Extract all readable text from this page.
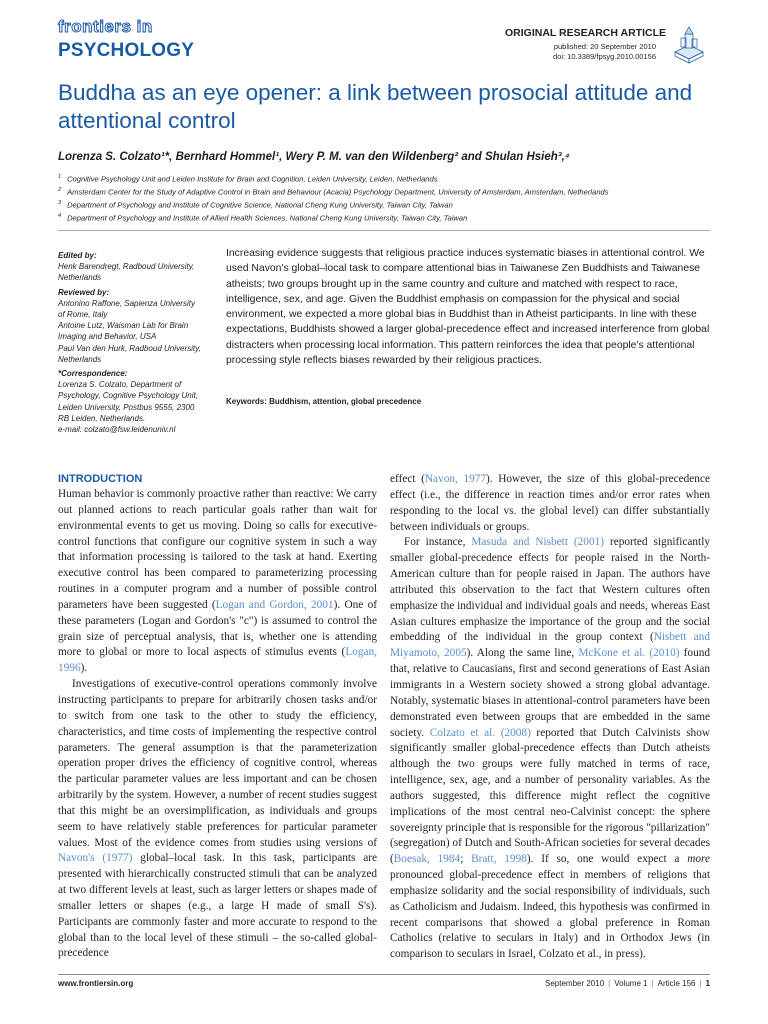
frontiers in
PSYCHOLOGY
ORIGINAL RESEARCH ARTICLE
published: 20 September 2010
doi: 10.3389/fpsyg.2010.00156
Buddha as an eye opener: a link between prosocial attitude and attentional control
Lorenza S. Colzato¹*, Bernhard Hommel¹, Wery P. M. van den Wildenberg² and Shulan Hsieh³,⁴
$^1$ Cognitive Psychology Unit and Leiden Institute for Brain and Cognition, Leiden University, Leiden, Netherlands
$^2$ Amsterdam Center for the Study of Adaptive Control in Brain and Behaviour (Acacia) Psychology Department, University of Amsterdam, Amsterdam, Netherlands
$^3$ Department of Psychology and Institute of Cognitive Science, National Cheng Kung University, Taiwan City, Taiwan
$^4$ Department of Psychology and Institute of Allied Health Sciences, National Cheng Kung University, Taiwan City, Taiwan
Edited by:
Henk Barendregt, Radboud University,
Netherlands
Reviewed by:
Antonino Raffone, Sapienza University
of Rome, Italy
Antoine Lutz, Waisman Lab for Brain
Imaging and Behavior, USA
Paul Van den Hurk, Radboud University,
Netherlands
*Correspondence:
Lorenza S. Colzato, Department of
Psychology, Cognitive Psychology Unit,
Leiden University, Postbus 9555, 2300
RB Leiden, Netherlands.
e-mail: colzato@fsw.leidenuniv.nl
Increasing evidence suggests that religious practice induces systematic biases in attentional control. We used Navon's global–local task to compare attentional bias in Taiwanese Zen Buddhists and Taiwanese atheists; two groups brought up in the same country and culture and matched with respect to race, intelligence, sex, and age. Given the Buddhist emphasis on compassion for the physical and social environment, we expected a more global bias in Buddhist than in Atheist participants. In line with these expectations, Buddhists showed a larger global-precedence effect and increased interference from global distracters when processing local information. This pattern reinforces the idea that people's attentional processing style reflects biases rewarded by their religious practices.
Keywords: Buddhism, attention, global precedence
INTRODUCTION

Human behavior is commonly proactive rather than reactive: We carry out planned actions to reach particular goals rather than wait for environmental events to get us moving. Doing so calls for executive-control functions that configure our cognitive system in such a way that information processing is tailored to the task at hand. Exerting executive control has been compared to parameterizing processing routines in a computer program and a number of possible control parameters have been suggested (Logan and Gordon, 2001). One of these parameters (Logan and Gordon's "c") is assumed to control the grain size of perceptual analysis, that is, whether one is attending more to global or more to local aspects of stimulus events (Logan, 1996).

Investigations of executive-control operations commonly involve instructing participants to prepare for arbitrarily chosen tasks and/or to switch from one task to the other to study the efficiency, characteristics, and time costs of implementing the respective control parameters. The general assumption is that the parameterization operation proper drives the efficiency of cognitive control, whereas the particular parameter values are less important and can be chosen arbitrarily by the system. However, a number of recent studies suggest that this might be an oversimplification, as individuals and groups seem to have relatively stable preferences for particular parameter values. Most of the evidence comes from studies using versions of Navon's (1977) global–local task. In this task, participants are presented with hierarchically constructed stimuli that can be analyzed at two different levels at least, such as larger letters or shapes made of smaller letters or shapes (e.g., a large H made of small S's). Participants are commonly faster and more accurate to respond to the global than to the local level of these stimuli – the so-called global-precedence

effect (Navon, 1977). However, the size of this global-precedence effect (i.e., the difference in reaction times and/or error rates when responding to the local vs. the global level) can differ substantially between individuals or groups.

For instance, Masuda and Nisbett (2001) reported significantly smaller global-precedence effects for people raised in the North-American culture than for people raised in Japan. The authors have attributed this observation to the fact that Western cultures often emphasize the individual and individual goals and needs, whereas East Asian cultures emphasize the importance of the group and the social embedding of the individual in the group context (Nisbett and Miyamoto, 2005). Along the same line, McKone et al. (2010) found that, relative to Caucasians, first and second generations of East Asian immigrants in a Western society showed a strong global advantage. Notably, systematic biases in attentional-control parameters have been demonstrated even between groups that are embedded in the same society. Colzato et al. (2008) reported that Dutch Calvinists show significantly smaller global-precedence effects than Dutch atheists although the two groups were fully matched in terms of race, intelligence, sex, age, and a number of personality variables. As the authors suggested, this difference might reflect the cognitive implications of the most central neo-Calvinist concept: the sphere sovereignty principle that is responsible for the rigorous "pillarization" (segregation) of Dutch and South-African societies for several decades (Boesak, 1984; Bratt, 1998). If so, one would expect a more pronounced global-precedence effect in members of religions that emphasize solidarity and the social responsibility of individuals, such as Catholicism and Judaism. Indeed, this hypothesis was confirmed in recent comparisons that showed a global preference in Roman Catholics (relative to seculars in Italy) and in Orthodox Jews (in comparison to seculars in Israel, Colzato et al., in press).

www.frontiersin.org	September 2010 | Volume 1 | Article 156 | 1
